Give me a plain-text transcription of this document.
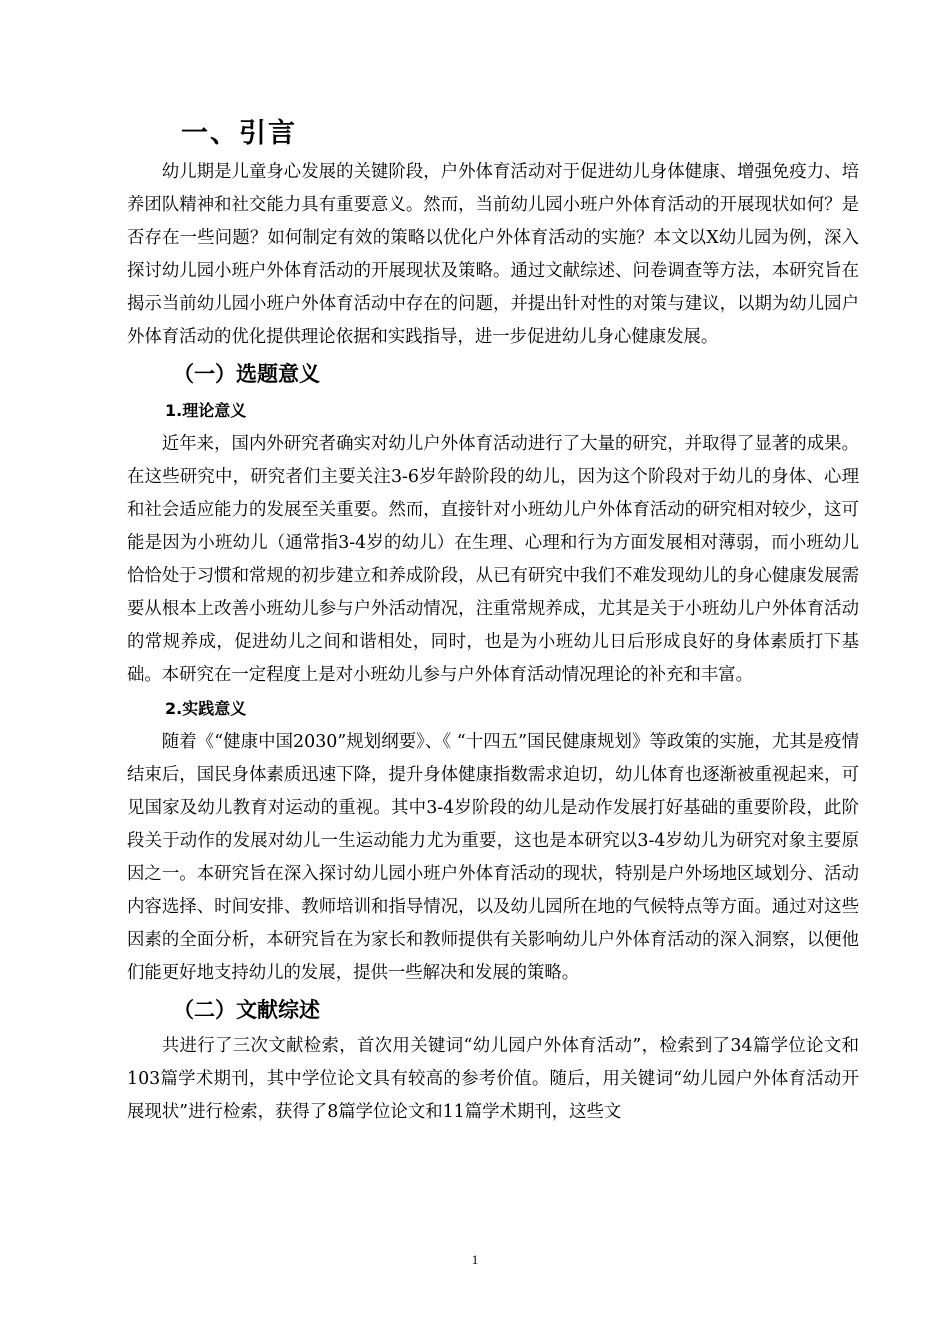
一、引言

幼儿期是儿童身心发展的关键阶段，户外体育活动对于促进幼儿身体健康、增强免疫力、培养团队精神和社交能力具有重要意义。然而，当前幼儿园小班户外体育活动的开展现状如何？是否存在一些问题？如何制定有效的策略以优化户外体育活动的实施？本文以X幼儿园为例，深入探讨幼儿园小班户外体育活动的开展现状及策略。通过文献综述、问卷调查等方法，本研究旨在揭示当前幼儿园小班户外体育活动中存在的问题，并提出针对性的对策与建议，以期为幼儿园户外体育活动的优化提供理论依据和实践指导，进一步促进幼儿身心健康发展。

（一）选题意义
1.理论意义

近年来，国内外研究者确实对幼儿户外体育活动进行了大量的研究，并取得了显著的成果。在这些研究中，研究者们主要关注3-6岁年龄阶段的幼儿，因为这个阶段对于幼儿的身体、心理和社会适应能力的发展至关重要。然而，直接针对小班幼儿户外体育活动的研究相对较少，这可能是因为小班幼儿（通常指3-4岁的幼儿）在生理、心理和行为方面发展相对薄弱，而小班幼儿恰恰处于习惯和常规的初步建立和养成阶段，从已有研究中我们不难发现幼儿的身心健康发展需要从根本上改善小班幼儿参与户外活动情况，注重常规养成，尤其是关于小班幼儿户外体育活动的常规养成，促进幼儿之间和谐相处，同时，也是为小班幼儿日后形成良好的身体素质打下基础。本研究在一定程度上是对小班幼儿参与户外体育活动情况理论的补充和丰富。

2.实践意义

随着《“健康中国2030”规划纲要》、《 “十四五”国民健康规划》等政策的实施，尤其是疫情结束后，国民身体素质迅速下降，提升身体健康指数需求迫切，幼儿体育也逐渐被重视起来，可见国家及幼儿教育对运动的重视。其中3-4岁阶段的幼儿是动作发展打好基础的重要阶段，此阶段关于动作的发展对幼儿一生运动能力尤为重要，这也是本研究以3-4岁幼儿为研究对象主要原因之一。本研究旨在深入探讨幼儿园小班户外体育活动的现状，特别是户外场地区域划分、活动内容选择、时间安排、教师培训和指导情况，以及幼儿园所在地的气候特点等方面。通过对这些因素的全面分析，本研究旨在为家长和教师提供有关影响幼儿户外体育活动的深入洞察，以便他们能更好地支持幼儿的发展，提供一些解决和发展的策略。

（二）文献综述

共进行了三次文献检索，首次用关键词“幼儿园户外体育活动”，检索到了34篇学位论文和103篇学术期刊，其中学位论文具有较高的参考价值。随后，用关键词“幼儿园户外体育活动开展现状”进行检索，获得了8篇学位论文和11篇学术期刊，这些文

1
